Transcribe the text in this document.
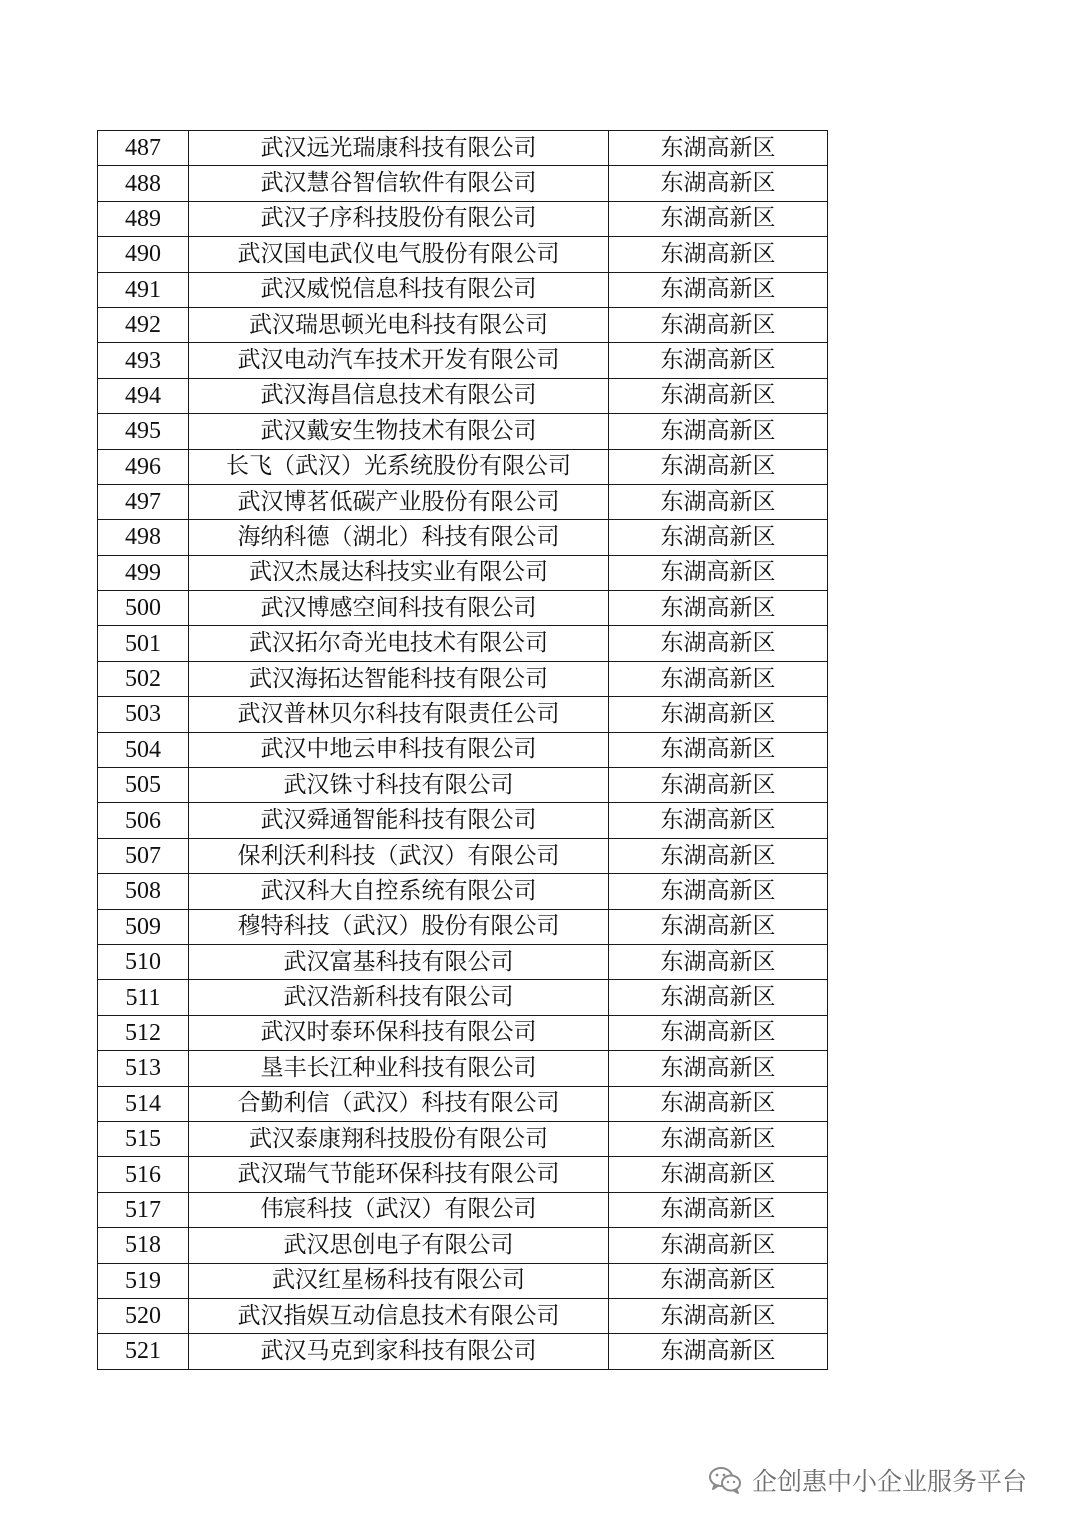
487	武汉远光瑞康科技有限公司	东湖高新区
488	武汉慧谷智信软件有限公司	东湖高新区
489	武汉子序科技股份有限公司	东湖高新区
490	武汉国电武仪电气股份有限公司	东湖高新区
491	武汉威悦信息科技有限公司	东湖高新区
492	武汉瑞思顿光电科技有限公司	东湖高新区
493	武汉电动汽车技术开发有限公司	东湖高新区
494	武汉海昌信息技术有限公司	东湖高新区
495	武汉戴安生物技术有限公司	东湖高新区
496	长飞（武汉）光系统股份有限公司	东湖高新区
497	武汉博茗低碳产业股份有限公司	东湖高新区
498	海纳科德（湖北）科技有限公司	东湖高新区
499	武汉杰晟达科技实业有限公司	东湖高新区
500	武汉博感空间科技有限公司	东湖高新区
501	武汉拓尔奇光电技术有限公司	东湖高新区
502	武汉海拓达智能科技有限公司	东湖高新区
503	武汉普林贝尔科技有限责任公司	东湖高新区
504	武汉中地云申科技有限公司	东湖高新区
505	武汉铢寸科技有限公司	东湖高新区
506	武汉舜通智能科技有限公司	东湖高新区
507	保利沃利科技（武汉）有限公司	东湖高新区
508	武汉科大自控系统有限公司	东湖高新区
509	穆特科技（武汉）股份有限公司	东湖高新区
510	武汉富基科技有限公司	东湖高新区
511	武汉浩新科技有限公司	东湖高新区
512	武汉时泰环保科技有限公司	东湖高新区
513	垦丰长江种业科技有限公司	东湖高新区
514	合勤利信（武汉）科技有限公司	东湖高新区
515	武汉泰康翔科技股份有限公司	东湖高新区
516	武汉瑞气节能环保科技有限公司	东湖高新区
517	伟宸科技（武汉）有限公司	东湖高新区
518	武汉思创电子有限公司	东湖高新区
519	武汉红星杨科技有限公司	东湖高新区
520	武汉指娱互动信息技术有限公司	东湖高新区
521	武汉马克到家科技有限公司	东湖高新区
企创惠中小企业服务平台
